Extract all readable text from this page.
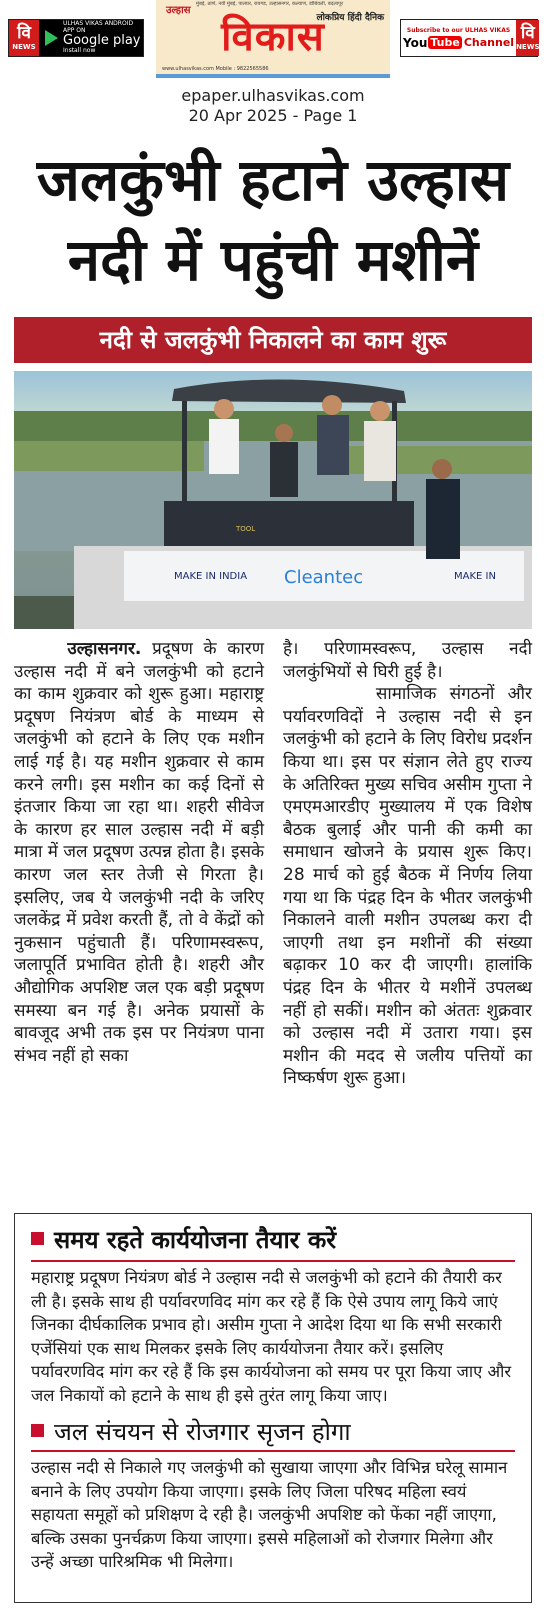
वि
NEWS
ULHAS VIKAS ANDROID APP ON
Google play
Install now
उल्हास
मुंबई, ठाणे, नवी मुंबई, पालघर, रायगड, उल्हासनगर, कल्याण, डोंबिवली, बदलापूर
लोकप्रिय हिंदी दैनिक
विकास
www.ulhasvikas.com Mobile : 9822565586
Subscribe to our ULHAS VIKAS
You Tube Channel वि
NEWS
epaper.ulhasvikas.com
20 Apr 2025 - Page 1
जलकुंभी हटाने उल्हास
नदी में पहुंची मशीनें
नदी से जलकुंभी निकालने का काम शुरू
MAKE IN INDIA Cleantec	MAKE IN
TOOL

उल्हासनगर. प्रदूषण के कारण उल्हास नदी में बने जलकुंभी को हटाने का काम शुक्रवार को शुरू हुआ। महाराष्ट्र प्रदूषण नियंत्रण बोर्ड के माध्यम से जलकुंभी को हटाने के लिए एक मशीन लाई गई है। यह मशीन शुक्रवार से काम करने लगी। इस मशीन का कई दिनों से इंतजार किया जा रहा था। शहरी सीवेज के कारण हर साल उल्हास नदी में बड़ी मात्रा में जल प्रदूषण उत्पन्न होता है। इसके कारण जल स्तर तेजी से गिरता है। इसलिए, जब ये जलकुंभी नदी के जरिए जलकेंद्र में प्रवेश करती हैं, तो वे केंद्रों को नुकसान पहुंचाती हैं। परिणामस्वरूप, जलापूर्ति प्रभावित होती है। शहरी और औद्योगिक अपशिष्ट जल एक बड़ी प्रदूषण समस्या बन गई है। अनेक प्रयासों के बावजूद अभी तक इस पर नियंत्रण पाना संभव नहीं हो सका

है। परिणामस्वरूप, उल्हास नदी जलकुंभियों से घिरी हुई है।

सामाजिक संगठनों और पर्यावरणविदों ने उल्हास नदी से इन जलकुंभी को हटाने के लिए विरोध प्रदर्शन किया था। इस पर संज्ञान लेते हुए राज्य के अतिरिक्त मुख्य सचिव असीम गुप्ता ने एमएमआरडीए मुख्यालय में एक विशेष बैठक बुलाई और पानी की कमी का समाधान खोजने के प्रयास शुरू किए। 28 मार्च को हुई बैठक में निर्णय लिया गया था कि पंद्रह दिन के भीतर जलकुंभी निकालने वाली मशीन उपलब्ध करा दी जाएगी तथा इन मशीनों की संख्या बढ़ाकर 10 कर दी जाएगी। हालांकि पंद्रह दिन के भीतर ये मशीनें उपलब्ध नहीं हो सकीं। मशीन को अंततः शुक्रवार को उल्हास नदी में उतारा गया। इस मशीन की मदद से जलीय पत्तियों का निष्कर्षण शुरू हुआ।

समय रहते कार्ययोजना तैयार करें

महाराष्ट्र प्रदूषण नियंत्रण बोर्ड ने उल्हास नदी से जलकुंभी को हटाने की तैयारी कर ली है। इसके साथ ही पर्यावरणविद मांग कर रहे हैं कि ऐसे उपाय लागू किये जाएं जिनका दीर्घकालिक प्रभाव हो। असीम गुप्ता ने आदेश दिया था कि सभी सरकारी एजेंसियां एक साथ मिलकर इसके लिए कार्ययोजना तैयार करें। इसलिए पर्यावरणविद मांग कर रहे हैं कि इस कार्ययोजना को समय पर पूरा किया जाए और जल निकायों को हटाने के साथ ही इसे तुरंत लागू किया जाए।

जल संचयन से रोजगार सृजन होगा

उल्हास नदी से निकाले गए जलकुंभी को सुखाया जाएगा और विभिन्न घरेलू सामान बनाने के लिए उपयोग किया जाएगा। इसके लिए जिला परिषद महिला स्वयं सहायता समूहों को प्रशिक्षण दे रही है। जलकुंभी अपशिष्ट को फेंका नहीं जाएगा, बल्कि उसका पुनर्चक्रण किया जाएगा। इससे महिलाओं को रोजगार मिलेगा और उन्हें अच्छा पारिश्रमिक भी मिलेगा।
